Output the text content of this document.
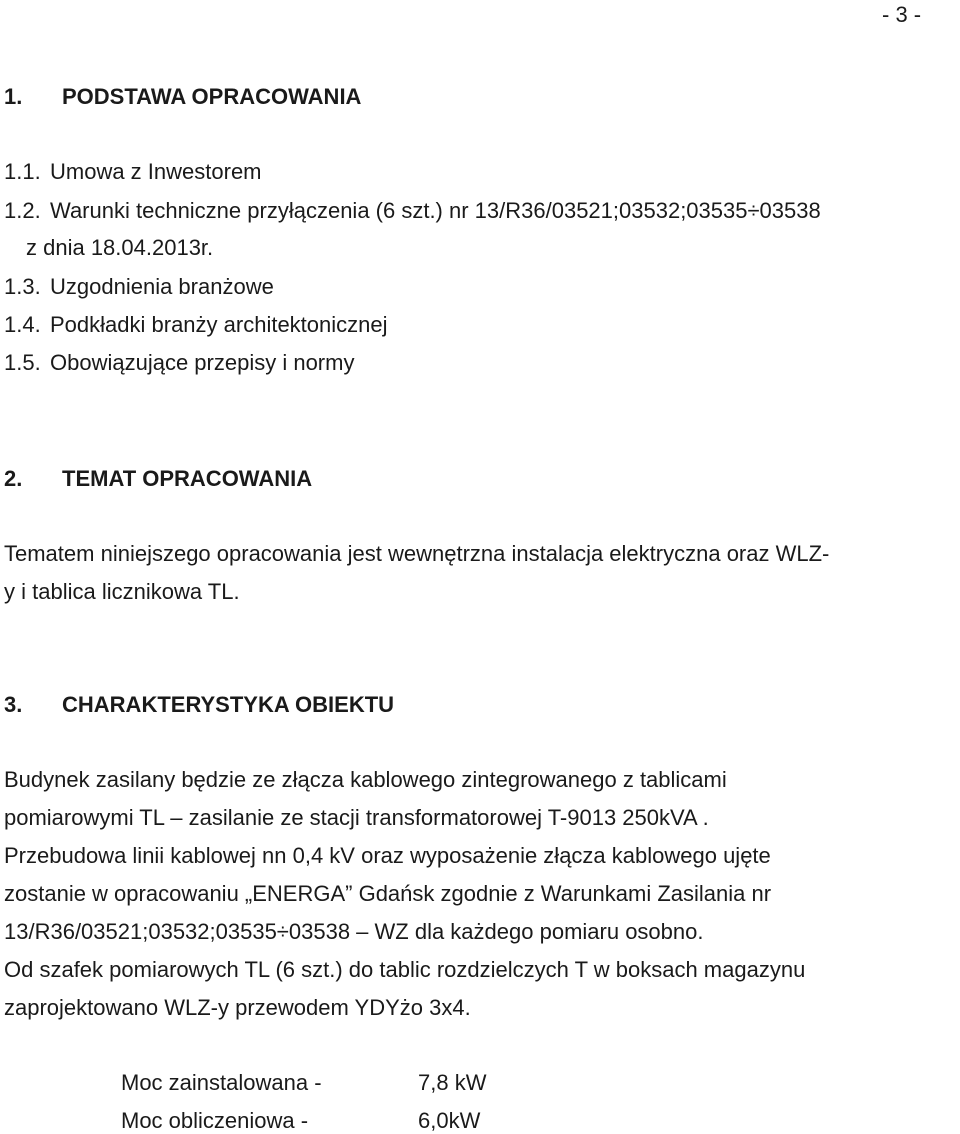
- 3 -
1. PODSTAWA OPRACOWANIA
1.1. Umowa z Inwestorem
1.2. Warunki techniczne przyłączenia (6 szt.) nr 13/R36/03521;03532;03535÷03538
z dnia 18.04.2013r.
1.3. Uzgodnienia branżowe
1.4. Podkładki branży architektonicznej
1.5. Obowiązujące przepisy i normy
2. TEMAT OPRACOWANIA
Tematem niniejszego opracowania jest wewnętrzna instalacja elektryczna oraz WLZ-
y i tablica licznikowa TL.
3. CHARAKTERYSTYKA OBIEKTU
Budynek zasilany będzie ze złącza kablowego zintegrowanego z tablicami
pomiarowymi TL – zasilanie ze stacji transformatorowej T-9013 250kVA .
Przebudowa linii kablowej nn 0,4 kV oraz wyposażenie złącza kablowego ujęte
zostanie w opracowaniu „ENERGA” Gdańsk zgodnie z Warunkami Zasilania nr
13/R36/03521;03532;03535÷03538 – WZ dla każdego pomiaru osobno.
Od szafek pomiarowych TL (6 szt.) do tablic rozdzielczych T w boksach magazynu
zaprojektowano WLZ-y przewodem YDYżo 3x4.
Moc zainstalowana -	7,8 kW
Moc obliczeniowa -	6,0kW
